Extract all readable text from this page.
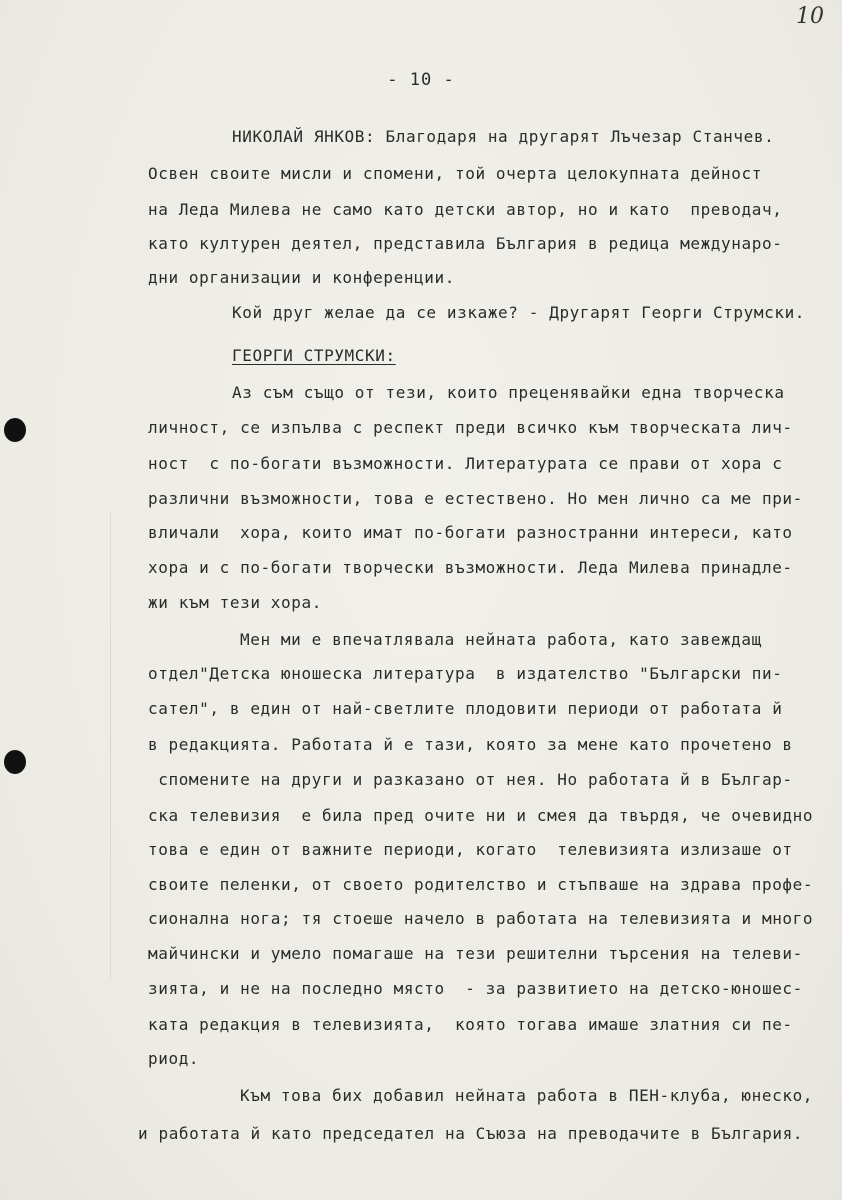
10
- 10 -
НИКОЛАЙ ЯНКОВ: Благодаря на другарят Лъчезар Станчев.
Освен своите мисли и спомени, той очерта целокупната дейност
на Леда Милева не само като детски автор, но и като  преводач,
като културен деятел, представила България в редица междунаро-
дни организации и конференции.
Кой друг желае да се изкаже? - Другарят Георги Струмски.
ГЕОРГИ СТРУМСКИ:
Аз съм също от тези, които преценявайки една творческа
личност, се изпълва с респект преди всичко към творческата лич-
ност  с по-богати възможности. Литературата се прави от хора с
различни възможности, това е естествено. Но мен лично са ме при-
вличали  хора, които имат по-богати разностранни интереси, като
хора и с по-богати творчески възможности. Леда Милева принадле-
жи към тези хора.
Мен ми е впечатлявала нейната работа, като завеждащ
отдел"Детска юношеска литература  в издателство "Български пи-
сател", в един от най-светлите плодовити периоди от работата й
в редакцията. Работата й е тази, която за мене като прочетено в
спомените на други и разказано от нея. Но работата й в Българ-
ска телевизия  е била пред очите ни и смея да твърдя, че очевидно
това е един от важните периоди, когато  телевизията излизаше от
своите пеленки, от своето родителство и стъпваше на здрава профе-
сионална нога; тя стоеше начело в работата на телевизията и много
майчински и умело помагаше на тези решителни търсения на телеви-
зията, и не на последно място  - за развитието на детско-юношес-
ката редакция в телевизията,  която тогава имаше златния си пе-
риод.
Към това бих добавил нейната работа в ПЕН-клуба, юнеско,
и работата й като председател на Съюза на преводачите в България.
